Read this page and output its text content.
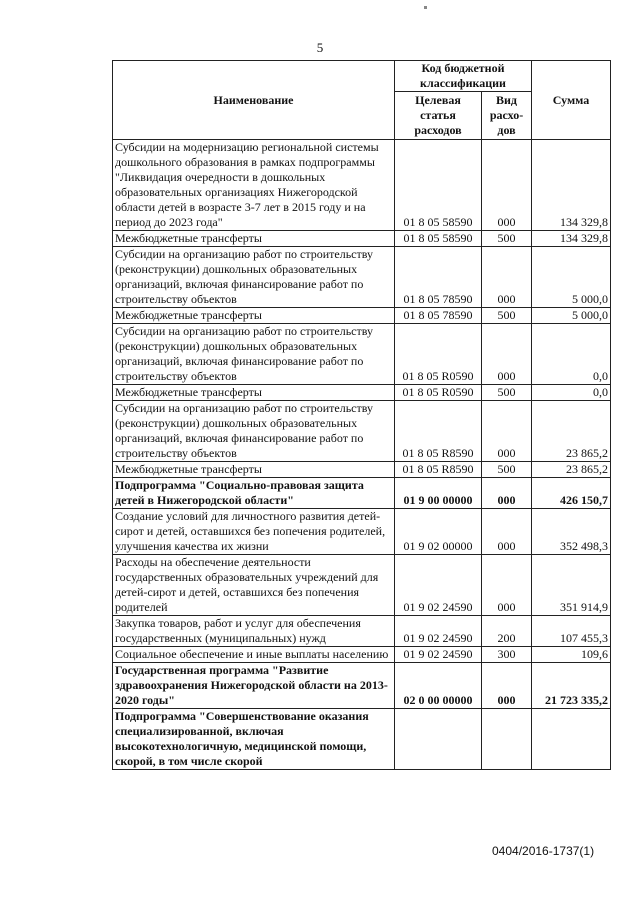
5
Наименование	Код бюджетной классификации		Сумма
	Целевая статья расходов	Вид расхо-дов	
Субсидии на модернизацию региональной системы дошкольного образования в рамках подпрограммы "Ликвидация очередности в дошкольных образовательных организациях Нижегородской области детей в возрасте 3-7 лет в 2015 году и на период до 2023 года"	01 8 05 58590	000	134 329,8
Межбюджетные трансферты	01 8 05 58590	500	134 329,8
Субсидии на организацию работ по строительству (реконструкции) дошкольных образовательных организаций, включая финансирование работ по строительству объектов	01 8 05 78590	000	5 000,0
Межбюджетные трансферты	01 8 05 78590	500	5 000,0
Субсидии на организацию работ по строительству (реконструкции) дошкольных образовательных организаций, включая финансирование работ по строительству объектов	01 8 05 R0590	000	0,0
Межбюджетные трансферты	01 8 05 R0590	500	0,0
Субсидии на организацию работ по строительству (реконструкции) дошкольных образовательных организаций, включая финансирование работ по строительству объектов	01 8 05 R8590	000	23 865,2
Межбюджетные трансферты	01 8 05 R8590	500	23 865,2
Подпрограмма "Социально-правовая защита детей в Нижегородской области"	01 9 00 00000	000	426 150,7
Создание условий для личностного развития детей-сирот и детей, оставшихся без попечения родителей, улучшения качества их жизни	01 9 02 00000	000	352 498,3
Расходы на обеспечение деятельности государственных образовательных учреждений для детей-сирот и детей, оставшихся без попечения родителей	01 9 02 24590	000	351 914,9
Закупка товаров, работ и услуг для обеспечения государственных (муниципальных) нужд	01 9 02 24590	200	107 455,3
Социальное обеспечение и иные выплаты населению	01 9 02 24590	300	109,6
Государственная программа "Развитие здравоохранения Нижегородской области на 2013-2020 годы"	02 0 00 00000	000	21 723 335,2
Подпрограмма "Совершенствование оказания специализированной, включая высокотехнологичную, медицинской помощи, скорой, в том числе скорой			
0404/2016-1737(1)
